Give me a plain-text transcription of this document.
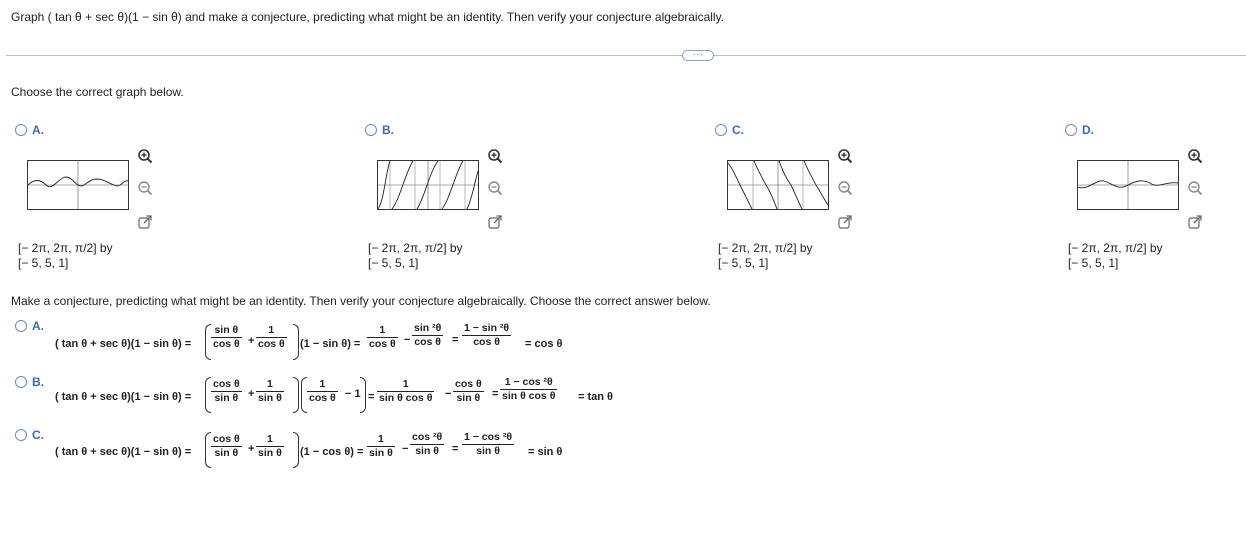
Graph ( tan θ + sec θ)(1 − sin θ) and make a conjecture, predicting what might be an identity. Then verify your conjecture algebraically.
···
Choose the correct graph below.
A.
[− 2π, 2π, π/2] by
[− 5, 5, 1]
B.
[− 2π, 2π, π/2] by
[− 5, 5, 1]
C.
[− 2π, 2π, π/2] by
[− 5, 5, 1]
D.
[− 2π, 2π, π/2] by
[− 5, 5, 1]
Make a conjecture, predicting what might be an identity. Then verify your conjecture algebraically. Choose the correct answer below.
A.
( $\tan \theta + \sec \theta)(1 - \sin \theta) = \frac{\text{sin θ}}{\text{cos θ}} + \frac{1}{\text{cos θ}} (1 - \sin \theta) = \frac{1}{\text{cos θ}} - \frac{\text{sin ²θ}}{\text{cos θ}} = \frac{\text{1 − sin ²θ}}{\text{cos θ}} = \cos \theta$
B.
( $\tan \theta + \sec \theta)(1 - \sin \theta) = \frac{\text{cos θ}}{\text{sin θ}} + \frac{1}{\text{sin θ}} \frac{1}{\text{cos θ}} - 1 = \frac{1}{\text{sin θ cos θ}} - \frac{\text{cos θ}}{\text{sin θ}} = \frac{\text{1 − cos ²θ}}{\text{sin θ cos θ}} = \tan \theta$
C.
( $\tan \theta + \sec \theta)(1 - \sin \theta) = \frac{\text{cos θ}}{\text{sin θ}} + \frac{1}{\text{sin θ}} (1 - \cos \theta) = \frac{1}{\text{sin θ}} - \frac{\text{cos ²θ}}{\text{sin θ}} = \frac{\text{1 − cos ²θ}}{\text{sin θ}} = \sin \theta$
